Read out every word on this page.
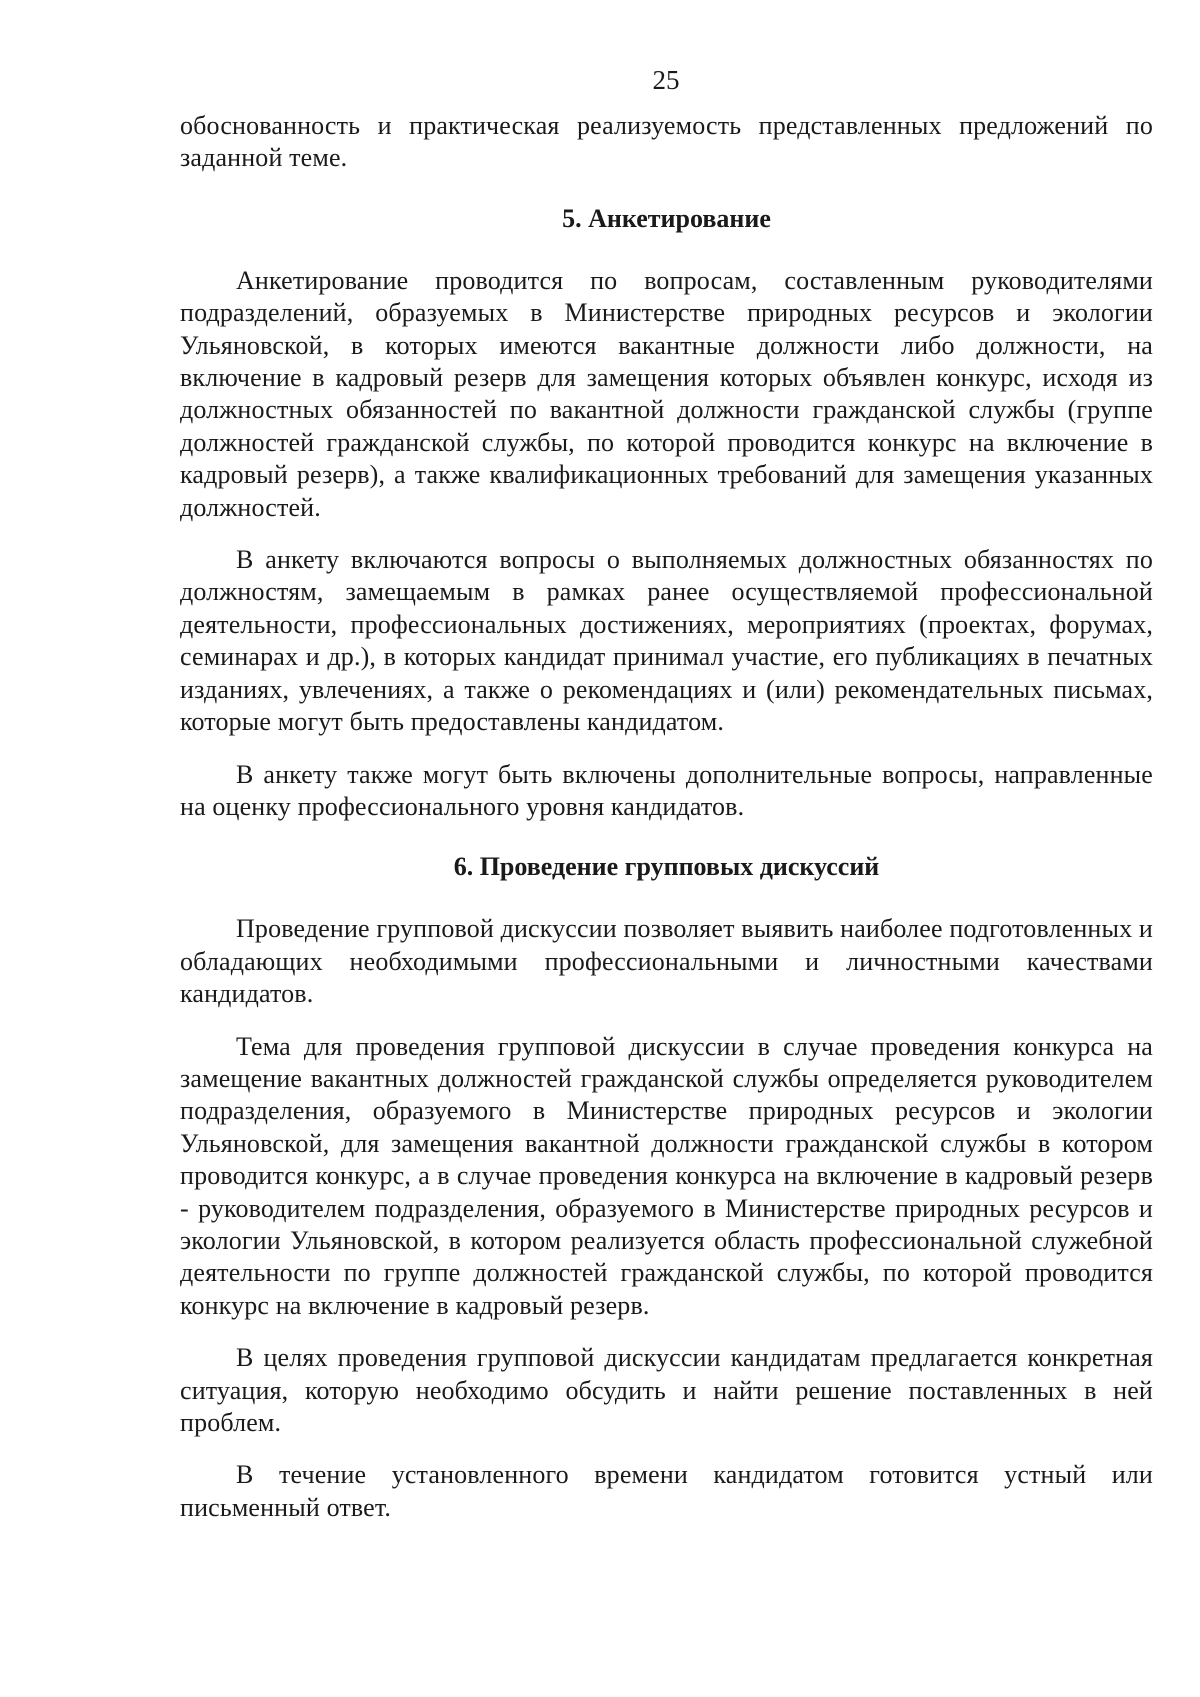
25

обоснованность и практическая реализуемость представленных предложений по заданной теме.

5. Анкетирование

Анкетирование проводится по вопросам, составленным руководителями подразделений, образуемых в Министерстве природных ресурсов и экологии Ульяновской, в которых имеются вакантные должности либо должности, на включение в кадровый резерв для замещения которых объявлен конкурс, исходя из должностных обязанностей по вакантной должности гражданской службы (группе должностей гражданской службы, по которой проводится конкурс на включение в кадровый резерв), а также квалификационных требований для замещения указанных должностей.

В анкету включаются вопросы о выполняемых должностных обязанностях по должностям, замещаемым в рамках ранее осуществляемой профессиональной деятельности, профессиональных достижениях, мероприятиях (проектах, форумах, семинарах и др.), в которых кандидат принимал участие, его публикациях в печатных изданиях, увлечениях, а также о рекомендациях и (или) рекомендательных письмах, которые могут быть предоставлены кандидатом.

В анкету также могут быть включены дополнительные вопросы, направленные на оценку профессионального уровня кандидатов.

6. Проведение групповых дискуссий

Проведение групповой дискуссии позволяет выявить наиболее подготовленных и обладающих необходимыми профессиональными и личностными качествами кандидатов.

Тема для проведения групповой дискуссии в случае проведения конкурса на замещение вакантных должностей гражданской службы определяется руководителем подразделения, образуемого в Министерстве природных ресурсов и экологии Ульяновской, для замещения вакантной должности гражданской службы в котором проводится конкурс, а в случае проведения конкурса на включение в кадровый резерв - руководителем подразделения, образуемого в Министерстве природных ресурсов и экологии Ульяновской, в котором реализуется область профессиональной служебной деятельности по группе должностей гражданской службы, по которой проводится конкурс на включение в кадровый резерв.

В целях проведения групповой дискуссии кандидатам предлагается конкретная ситуация, которую необходимо обсудить и найти решение поставленных в ней проблем.

В течение установленного времени кандидатом готовится устный или письменный ответ.
